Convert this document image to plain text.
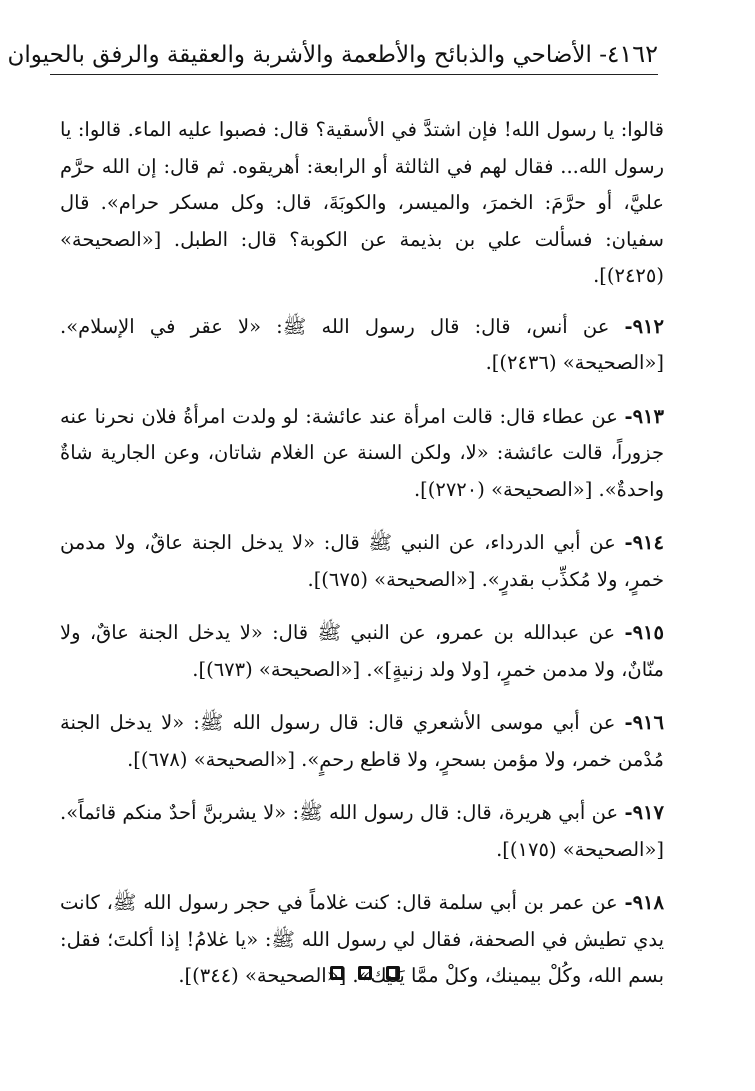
١٦٢
٤- الأضاحي والذبائح والأطعمة والأشربة والعقيقة والرفق بالحيوان

قالوا: يا رسول الله! فإن اشتدَّ في الأسقية؟ قال: فصبوا عليه الماء. قالوا: يا رسول الله... فقال لهم في الثالثة أو الرابعة: أهريقوه. ثم قال: إن الله حرَّم عليَّ، أو حرَّمَ: الخمرَ، والميسر، والكوبَةَ، قال: وكل مسكر حرام». قال سفيان: فسألت علي بن بذيمة عن الكوبة؟ قال: الطبل. [«الصحيحة» (٢٤٢٥)].

٩١٢- عن أنس، قال: قال رسول الله ﷺ: «لا عقر في الإسلام». [«الصحيحة» (٢٤٣٦)].

٩١٣- عن عطاء قال: قالت امرأة عند عائشة: لو ولدت امرأةُ فلان نحرنا عنه جزوراً، قالت عائشة: «لا، ولكن السنة عن الغلام شاتان، وعن الجارية شاةٌ واحدةٌ». [«الصحيحة» (٢٧٢٠)].

٩١٤- عن أبي الدرداء، عن النبي ﷺ قال: «لا يدخل الجنة عاقٌ، ولا مدمن خمرٍ، ولا مُكذِّب بقدرٍ». [«الصحيحة» (٦٧٥)].

٩١٥- عن عبدالله بن عمرو، عن النبي ﷺ قال: «لا يدخل الجنة عاقٌ، ولا منّانٌ، ولا مدمن خمرٍ، [ولا ولد زنيةٍ]». [«الصحيحة» (٦٧٣)].

٩١٦- عن أبي موسى الأشعري قال: قال رسول الله ﷺ: «لا يدخل الجنة مُدْمن خمر، ولا مؤمن بسحرٍ، ولا قاطع رحمٍ». [«الصحيحة» (٦٧٨)].

٩١٧- عن أبي هريرة، قال: قال رسول الله ﷺ: «لا يشربنَّ أحدٌ منكم قائماً». [«الصحيحة» (١٧٥)].

٩١٨- عن عمر بن أبي سلمة قال: كنت غلاماً في حجر رسول الله ﷺ، كانت يدي تطيش في الصحفة، فقال لي رسول الله ﷺ: «يا غلامُ! إذا أكلتَ؛ فقل: بسم الله، وكُلْ بيمينك، وكلْ ممَّا يَليك». [«الصحيحة» (٣٤٤)].
